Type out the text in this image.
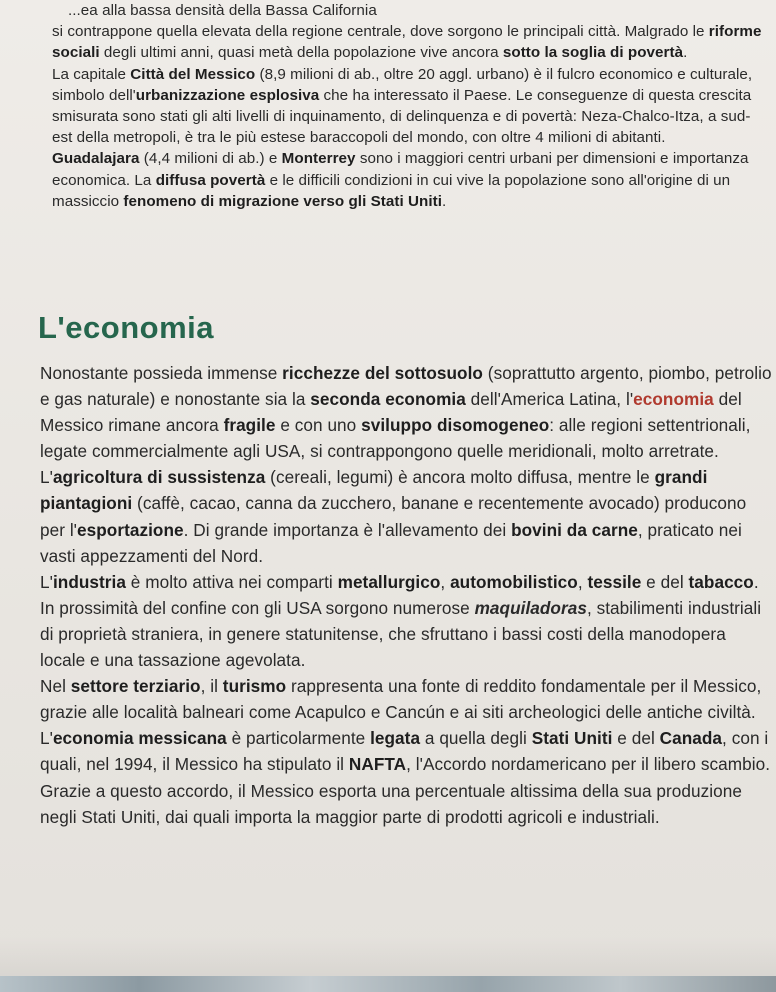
...ea alla bassa densità della Bassa California
si contrappone quella elevata della regione centrale, dove sorgono le principali città. Malgrado le riforme sociali degli ultimi anni, quasi metà della popolazione vive ancora sotto la soglia di povertà.

La capitale Città del Messico (8,9 milioni di ab., oltre 20 aggl. urbano) è il fulcro economico e culturale, simbolo dell'urbanizzazione esplosiva che ha interessato il Paese. Le conseguenze di questa crescita smisurata sono stati gli alti livelli di inquinamento, di delinquenza e di povertà: Neza-Chalco-Itza, a sud-est della metropoli, è tra le più estese baraccopoli del mondo, con oltre 4 milioni di abitanti.

Guadalajara (4,4 milioni di ab.) e Monterrey sono i maggiori centri urbani per dimensioni e importanza economica. La diffusa povertà e le difficili condizioni in cui vive la popolazione sono all'origine di un massiccio fenomeno di migrazione verso gli Stati Uniti.

L'economia

Nonostante possieda immense ricchezze del sottosuolo (soprattutto argento, piombo, petrolio e gas naturale) e nonostante sia la seconda economia dell'America Latina, l'economia del Messico rimane ancora fragile e con uno sviluppo disomogeneo: alle regioni settentrionali, legate commercialmente agli USA, si contrappongono quelle meridionali, molto arretrate.

L'agricoltura di sussistenza (cereali, legumi) è ancora molto diffusa, mentre le grandi piantagioni (caffè, cacao, canna da zucchero, banane e recentemente avocado) producono per l'esportazione. Di grande importanza è l'allevamento dei bovini da carne, praticato nei vasti appezzamenti del Nord.

L'industria è molto attiva nei comparti metallurgico, automobilistico, tessile e del tabacco. In prossimità del confine con gli USA sorgono numerose maquiladoras, stabilimenti industriali di proprietà straniera, in genere statunitense, che sfruttano i bassi costi della manodopera locale e una tassazione agevolata.

Nel settore terziario, il turismo rappresenta una fonte di reddito fondamentale per il Messico, grazie alle località balneari come Acapulco e Cancún e ai siti archeologici delle antiche civiltà.

L'economia messicana è particolarmente legata a quella degli Stati Uniti e del Canada, con i quali, nel 1994, il Messico ha stipulato il NAFTA, l'Accordo nordamericano per il libero scambio. Grazie a questo accordo, il Messico esporta una percentuale altissima della sua produzione negli Stati Uniti, dai quali importa la maggior parte di prodotti agricoli e industriali.
